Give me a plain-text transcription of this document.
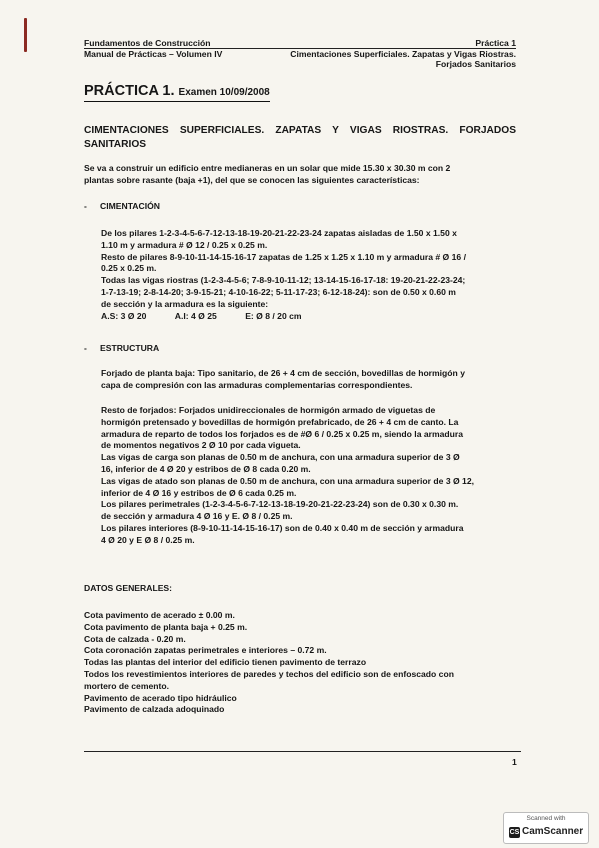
Fundamentos de Construcción	Práctica 1
Manual de Prácticas – Volumen IV	Cimentaciones Superficiales. Zapatas y Vigas Riostras.
Forjados Sanitarios
PRÁCTICA 1. Examen 10/09/2008
CIMENTACIONES SUPERFICIALES. ZAPATAS Y VIGAS RIOSTRAS. FORJADOS SANITARIOS
Se va a construir un edificio entre medianeras en un solar que mide 15.30 x 30.30 m con 2
plantas sobre rasante (baja +1), del que se conocen las siguientes características:
- CIMENTACIÓN
De los pilares 1-2-3-4-5-6-7-12-13-18-19-20-21-22-23-24 zapatas aisladas de 1.50 x 1.50 x
1.10 m y armadura # Ø 12 / 0.25 x 0.25 m.
Resto de pilares 8-9-10-11-14-15-16-17 zapatas de 1.25 x 1.25 x 1.10 m y armadura # Ø 16 /
0.25 x 0.25 m.
Todas las vigas riostras (1-2-3-4-5-6; 7-8-9-10-11-12; 13-14-15-16-17-18: 19-20-21-22-23-24;
1-7-13-19; 2-8-14-20; 3-9-15-21; 4-10-16-22; 5-11-17-23; 6-12-18-24): son de 0.50 x 0.60 m
de sección y la armadura es la siguiente:
A.S: 3 Ø 20	A.I: 4 Ø 25	E: Ø 8 / 20 cm
- ESTRUCTURA
Forjado de planta baja: Tipo sanitario, de 26 + 4 cm de sección, bovedillas de hormigón y
capa de compresión con las armaduras complementarias correspondientes.
Resto de forjados: Forjados unidireccionales de hormigón armado de viguetas de
hormigón pretensado y bovedillas de hormigón prefabricado, de 26 + 4 cm de canto. La
armadura de reparto de todos los forjados es de #Ø 6 / 0.25 x 0.25 m, siendo la armadura
de momentos negativos 2 Ø 10 por cada vigueta.
Las vigas de carga son planas de 0.50 m de anchura, con una armadura superior de 3 Ø
16, inferior de 4 Ø 20 y estribos de Ø 8 cada 0.20 m.
Las vigas de atado son planas de 0.50 m de anchura, con una armadura superior de 3 Ø 12,
inferior de 4 Ø 16 y estribos de Ø 6 cada 0.25 m.
Los pilares perimetrales (1-2-3-4-5-6-7-12-13-18-19-20-21-22-23-24) son de 0.30 x 0.30 m.
de sección y armadura 4 Ø 16 y E. Ø 8 / 0.25 m.
Los pilares interiores (8-9-10-11-14-15-16-17) son de 0.40 x 0.40 m de sección y armadura
4 Ø 20 y E Ø 8 / 0.25 m.
DATOS GENERALES:
Cota pavimento de acerado ± 0.00 m.
Cota pavimento de planta baja + 0.25 m.
Cota de calzada - 0.20 m.
Cota coronación zapatas perimetrales e interiores – 0.72 m.
Todas las plantas del interior del edificio tienen pavimento de terrazo
Todos los revestimientos interiores de paredes y techos del edificio son de enfoscado con
mortero de cemento.
Pavimento de acerado tipo hidráulico
Pavimento de calzada adoquinado
1
Scanned with
CS CamScanner
